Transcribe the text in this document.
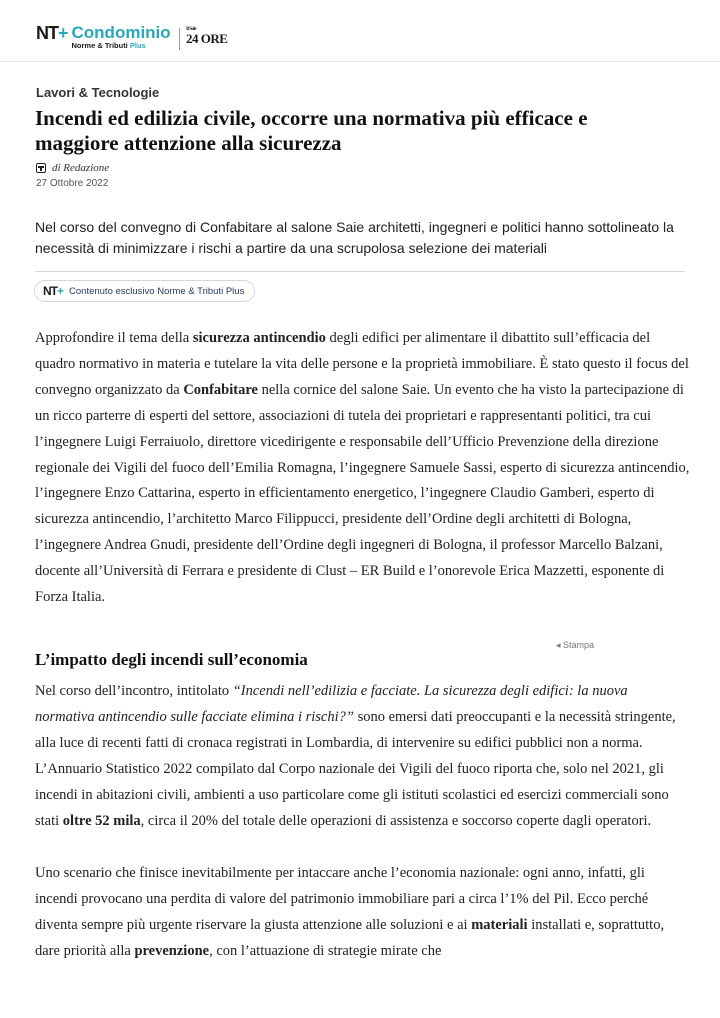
NT+ Condominio
Norme & Tributi Plus
Il Sole
24 ORE
Lavori & Tecnologie
Incendi ed edilizia civile, occorre una normativa più efficace e maggiore attenzione alla sicurezza
di Redazione
27 Ottobre 2022

Nel corso del convegno di Confabitare al salone Saie architetti, ingegneri e politici hanno sottolineato la necessità di minimizzare i rischi a partire da una scrupolosa selezione dei materiali

NT+ Contenuto esclusivo Norme & Tributi Plus

Approfondire il tema della sicurezza antincendio degli edifici per alimentare il dibattito sull’efficacia del quadro normativo in materia e tutelare la vita delle persone e la proprietà immobiliare. È stato questo il focus del convegno organizzato da Confabitare nella cornice del salone Saie. Un evento che ha visto la partecipazione di un ricco parterre di esperti del settore, associazioni di tutela dei proprietari e rappresentanti politici, tra cui l’ingegnere Luigi Ferraiuolo, direttore vicedirigente e responsabile dell’Ufficio Prevenzione della direzione regionale dei Vigili del fuoco dell’Emilia Romagna, l’ingegnere Samuele Sassi, esperto di sicurezza antincendio, l’ingegnere Enzo Cattarina, esperto in efficientamento energetico, l’ingegnere Claudio Gamberi, esperto di sicurezza antincendio, l’architetto Marco Filippucci, presidente dell’Ordine degli architetti di Bologna, l’ingegnere Andrea Gnudi, presidente dell’Ordine degli ingegneri di Bologna, il professor Marcello Balzani, docente all’Università di Ferrara e presidente di Clust – ER Build e l’onorevole Erica Mazzetti, esponente di Forza Italia.

◂ Stampa
L’impatto degli incendi sull’economia

Nel corso dell’incontro, intitolato “Incendi nell’edilizia e facciate. La sicurezza degli edifici: la nuova normativa antincendio sulle facciate elimina i rischi?” sono emersi dati preoccupanti e la necessità stringente, alla luce di recenti fatti di cronaca registrati in Lombardia, di intervenire su edifici pubblici non a norma. L’Annuario Statistico 2022 compilato dal Corpo nazionale dei Vigili del fuoco riporta che, solo nel 2021, gli incendi in abitazioni civili, ambienti a uso particolare come gli istituti scolastici ed esercizi commerciali sono stati oltre 52 mila, circa il 20% del totale delle operazioni di assistenza e soccorso coperte dagli operatori.

Uno scenario che finisce inevitabilmente per intaccare anche l’economia nazionale: ogni anno, infatti, gli incendi provocano una perdita di valore del patrimonio immobiliare pari a circa l’1% del Pil. Ecco perché diventa sempre più urgente riservare la giusta attenzione alle soluzioni e ai materiali installati e, soprattutto, dare priorità alla prevenzione, con l’attuazione di strategie mirate che
